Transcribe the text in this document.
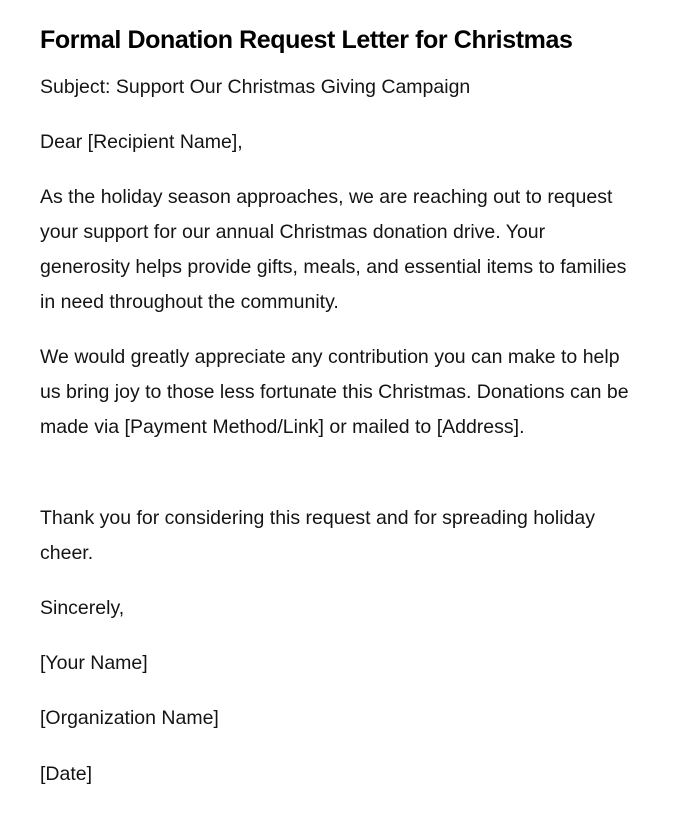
Formal Donation Request Letter for Christmas

Subject: Support Our Christmas Giving Campaign

Dear [Recipient Name],

As the holiday season approaches, we are reaching out to request your support for our annual Christmas donation drive. Your generosity helps provide gifts, meals, and essential items to families in need throughout the community.

We would greatly appreciate any contribution you can make to help us bring joy to those less fortunate this Christmas. Donations can be made via [Payment Method/Link] or mailed to [Address].

Thank you for considering this request and for spreading holiday cheer.

Sincerely,

[Your Name]

[Organization Name]

[Date]
